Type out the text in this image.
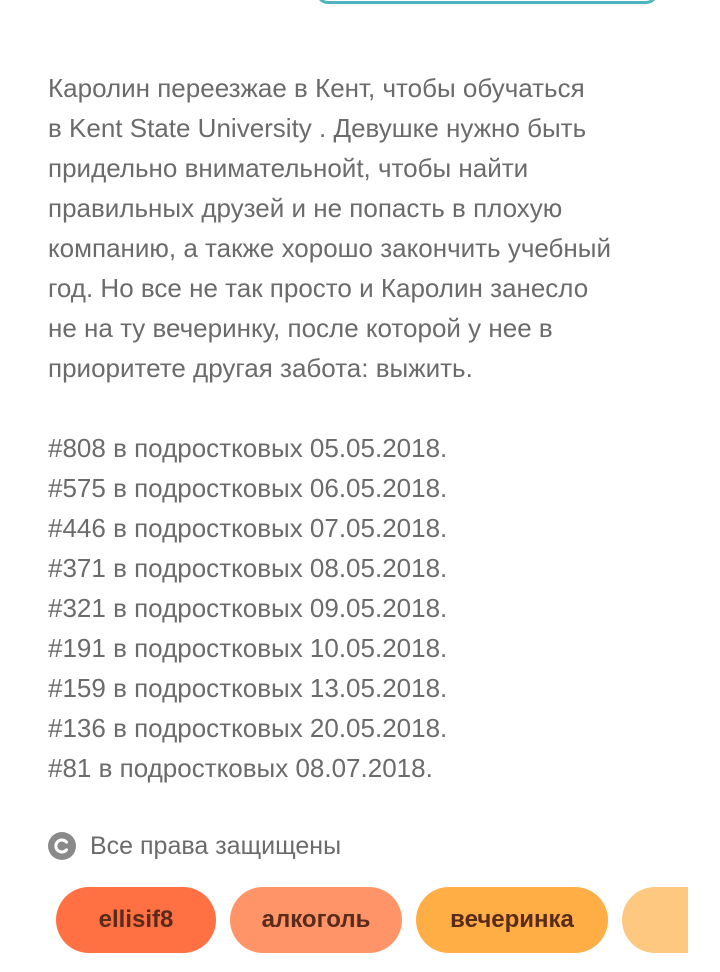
Каролин переезжае в Кент, чтобы обучаться

в Kent State University . Девушке нужно быть

придельно внимательнойt, чтобы найти

правильных друзей и не попасть в плохую

компанию, а также хорошо закончить учебный

год. Но все не так просто и Каролин занесло

не на ту вечеринку, после которой у нее в

приоритете другая забота: выжить.

#808 в подростковых 05.05.2018.
#575 в подростковых 06.05.2018.
#446 в подростковых 07.05.2018.
#371 в подростковых 08.05.2018.
#321 в подростковых 09.05.2018.
#191 в подростковых 10.05.2018.
#159 в подростковых 13.05.2018.
#136 в подростковых 20.05.2018.
#81 в подростковых 08.07.2018.
Все права защищены
ellisif8	алкоголь	вечеринка
